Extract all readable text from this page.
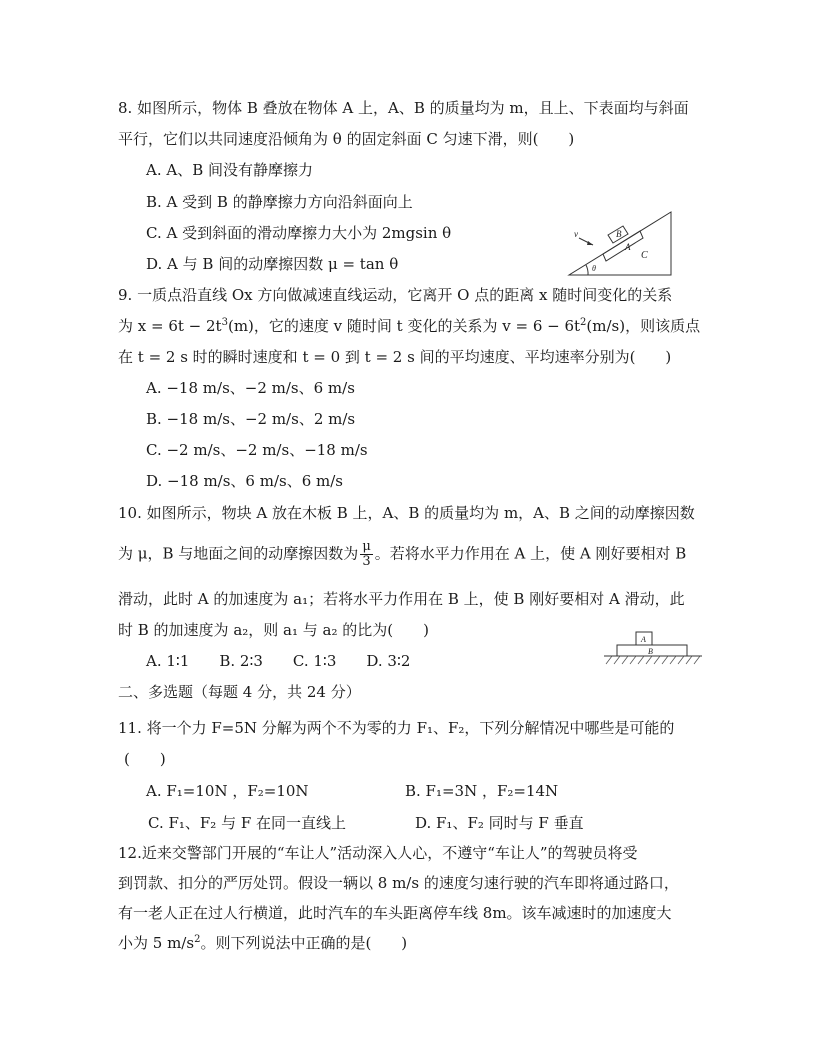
8. 如图所示，物体 B 叠放在物体 A 上，A、B 的质量均为 m，且上、下表面均与斜面
平行，它们以共同速度沿倾角为 θ 的固定斜面 C 匀速下滑，则(　　)
A. A、B 间没有静摩擦力
B. A 受到 B 的静摩擦力方向沿斜面向上
C. A 受到斜面的滑动摩擦力大小为 2mgsin θ
D. A 与 B 间的动摩擦因数 μ = tan θ
B
A
C
v
θ
9. 一质点沿直线 Ox 方向做减速直线运动，它离开 O 点的距离 x 随时间变化的关系
为 $x = 6t - 2t^3(m)$，它的速度 v 随时间 t 变化的关系为 $v = 6 - 6t^2(m/s)$，则该质点
在 t = 2 s 时的瞬时速度和 t = 0 到 t = 2 s 间的平均速度、平均速率分别为(　　)
A. −18 m/s、−2 m/s、6 m/s
B. −18 m/s、−2 m/s、2 m/s
C. −2 m/s、−2 m/s、−18 m/s
D. −18 m/s、6 m/s、6 m/s
10. 如图所示，物块 A 放在木板 B 上，A、B 的质量均为 m，A、B 之间的动摩擦因数
为 μ，B 与地面之间的动摩擦因数为 $\frac{\mu}{3}$ 。若将水平力作用在 A 上，使 A 刚好要相对 B
滑动，此时 A 的加速度为 a₁；若将水平力作用在 B 上，使 B 刚好要相对 A 滑动，此
时 B 的加速度为 a₂，则 a₁ 与 a₂ 的比为(　　)
A. 1∶1　　B. 2∶3　　C. 1∶3　　D. 3∶2
A
B
二、多选题（每题 4 分，共 24 分）
11. 将一个力 F=5N 分解为两个不为零的力 F₁、F₂，下列分解情况中哪些是可能的
(　　)
A. F₁=10N ，F₂=10N	B. F₁=3N ，F₂=14N
C. F₁、F₂ 与 F 在同一直线上	D. F₁、F₂ 同时与 F 垂直
12.近来交警部门开展的“车让人”活动深入人心，不遵守“车让人”的驾驶员将受
到罚款、扣分的严厉处罚。假设一辆以 8 m/s 的速度匀速行驶的汽车即将通过路口，
有一老人正在过人行横道，此时汽车的车头距离停车线 8m。该车减速时的加速度大
小为 5 $m/s^2$。则下列说法中正确的是(　　)
